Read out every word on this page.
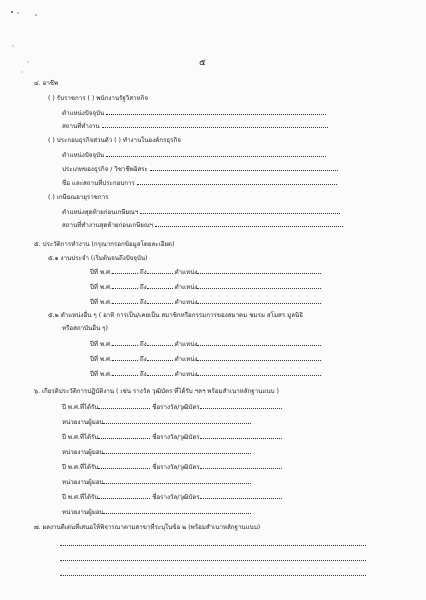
๕
๔. อาชีพ
( ) รับราชการ ( ) พนักงานรัฐวิสาหกิจ
ตำแหน่งปัจจุบัน
สถานที่ทำงาน
( ) ประกอบธุรกิจส่วนตัว ( ) ทำงานในองค์กรธุรกิจ
ตำแหน่งปัจจุบัน
ประเภทของธุรกิจ / วิชาชีพอิสระ
ชื่อ และสถานที่ประกอบการ
( ) เกษียณอายุราชการ
ตำแหน่งสุดท้ายก่อนเกษียณฯ
สถานที่ทำงานสุดท้ายก่อนเกษียณฯ
๕. ประวัติการทำงาน (กรุณากรอกข้อมูลโดยละเอียด)
๕.๑ งานประจำ (เริ่มต้นจนถึงปัจจุบัน)
ปีที่ พ.ศ.	ถึง	ตำแหน่ง
ปีที่ พ.ศ.	ถึง	ตำแหน่ง
ปีที่ พ.ศ.	ถึง	ตำแหน่ง
๕.๒ ตำแหน่งอื่น ๆ ( อาทิ การเป็น/เคยเป็น สมาชิกหรือกรรมการของสมาคม ชมรม สโมสร มูลนิธิ
หรือสถาบันอื่น ๆ)
ปีที่ พ.ศ.	ถึง	ตำแหน่ง
ปีที่ พ.ศ.	ถึง	ตำแหน่ง
ปีที่ พ.ศ.	ถึง	ตำแหน่ง
๖. เกียรติประวัติการปฏิบัติงาน ( เช่น รางวัล วุฒิบัตร ที่ได้รับ ฯลฯ พร้อมสำเนาหลักฐานแนบ )
ปี พ.ศ.ที่ได้รับ	ชื่อรางวัล/วุฒิบัตร
หน่วยงานผู้มอบ
ปี พ.ศ.ที่ได้รับ	ชื่อรางวัล/วุฒิบัตร
หน่วยงานผู้มอบ
ปี พ.ศ.ที่ได้รับ	ชื่อรางวัล/วุฒิบัตร
หน่วยงานผู้มอบ
ปี พ.ศ.ที่ได้รับ	ชื่อรางวัล/วุฒิบัตร
หน่วยงานผู้มอบ
๗. ผลงานดีเด่นที่เสนอให้พิจารณาตามสาขาที่ระบุในข้อ ๒ (พร้อมสำเนาหลักฐานแนบ)
